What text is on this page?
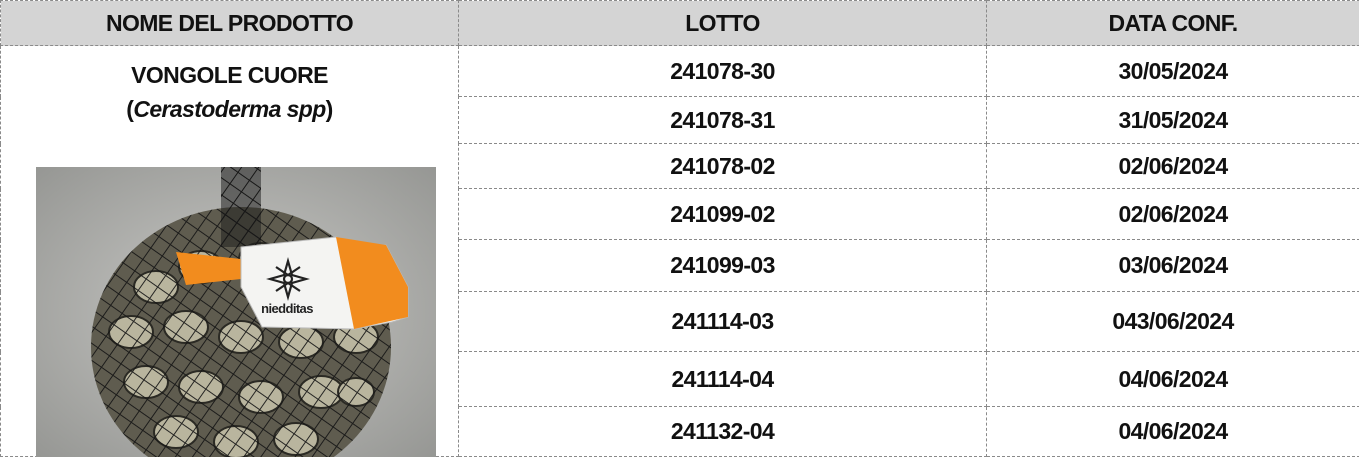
NOME DEL PRODOTTO	LOTTO	DATA CONF.

VONGOLE CUORE
(Cerastoderma spp)
niedditas	241078-30	30/05/2024
	241078-31	31/05/2024
	241078-02	02/06/2024
	241099-02	02/06/2024
	241099-03	03/06/2024
	241114-03	043/06/2024
	241114-04	04/06/2024
	241132-04	04/06/2024
